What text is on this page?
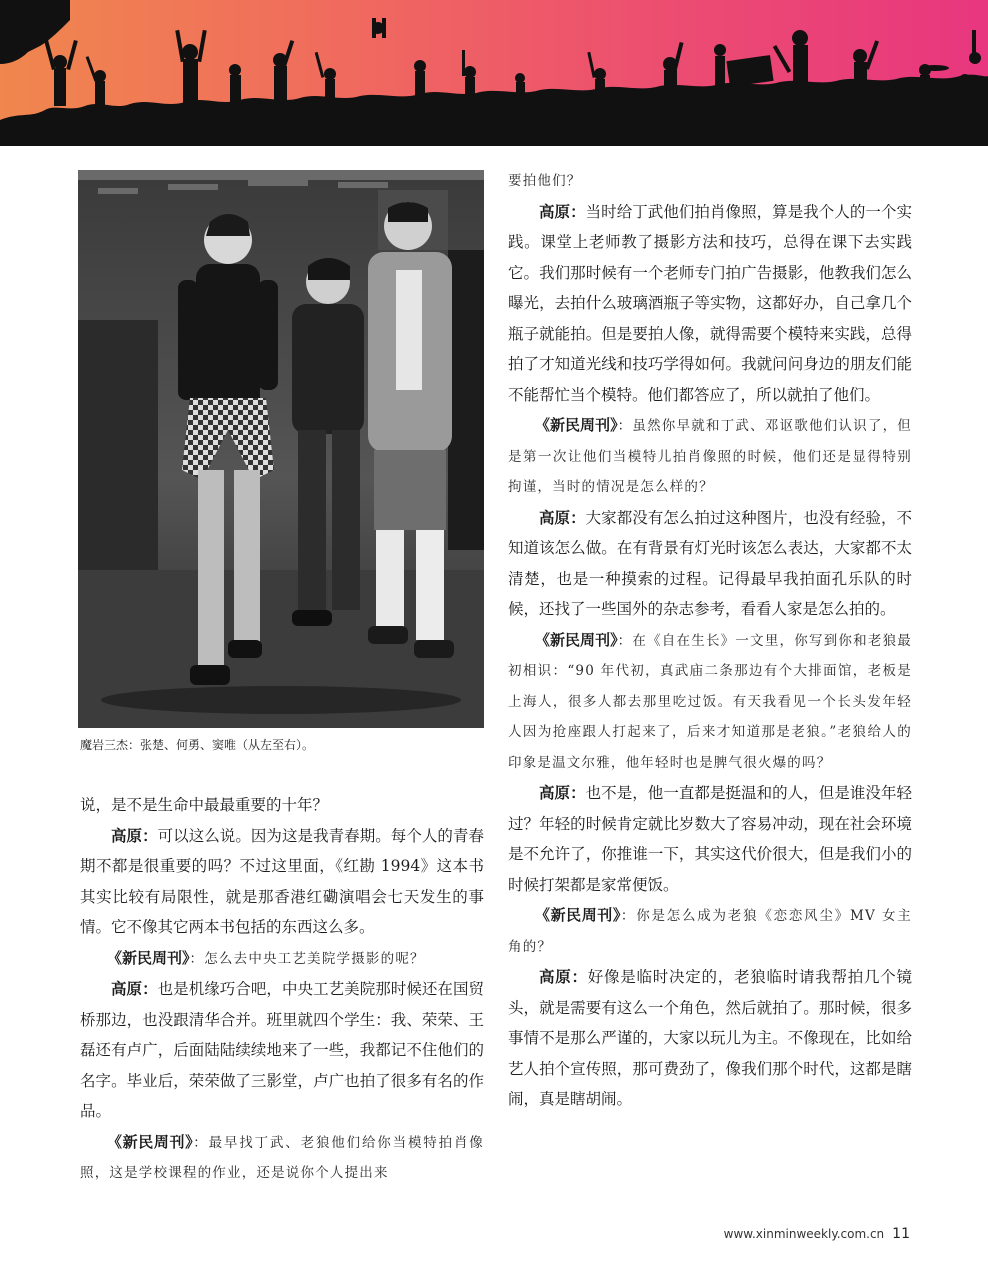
魔岩三杰：张楚、何勇、窦唯（从左至右）。

说，是不是生命中最最重要的十年？

高原：可以这么说。因为这是我青春期。每个人的青春期不都是很重要的吗？不过这里面，《红勘 1994》这本书其实比较有局限性，就是那香港红磡演唱会七天发生的事情。它不像其它两本书包括的东西这么多。

《新民周刊》：怎么去中央工艺美院学摄影的呢？

高原：也是机缘巧合吧，中央工艺美院那时候还在国贸桥那边，也没跟清华合并。班里就四个学生：我、荣荣、王磊还有卢广，后面陆陆续续地来了一些，我都记不住他们的名字。毕业后，荣荣做了三影堂，卢广也拍了很多有名的作品。

《新民周刊》：最早找丁武、老狼他们给你当模特拍肖像照，这是学校课程的作业，还是说你个人提出来

要拍他们？

高原：当时给丁武他们拍肖像照，算是我个人的一个实践。课堂上老师教了摄影方法和技巧，总得在课下去实践它。我们那时候有一个老师专门拍广告摄影，他教我们怎么曝光，去拍什么玻璃酒瓶子等实物，这都好办，自己拿几个瓶子就能拍。但是要拍人像，就得需要个模特来实践，总得拍了才知道光线和技巧学得如何。我就问问身边的朋友们能不能帮忙当个模特。他们都答应了，所以就拍了他们。

《新民周刊》：虽然你早就和丁武、邓讴歌他们认识了，但是第一次让他们当模特儿拍肖像照的时候，他们还是显得特别拘谨，当时的情况是怎么样的？

高原：大家都没有怎么拍过这种图片，也没有经验，不知道该怎么做。在有背景有灯光时该怎么表达，大家都不太清楚，也是一种摸索的过程。记得最早我拍面孔乐队的时候，还找了一些国外的杂志参考，看看人家是怎么拍的。

《新民周刊》：在《自在生长》一文里，你写到你和老狼最初相识：“90 年代初，真武庙二条那边有个大排面馆，老板是上海人，很多人都去那里吃过饭。有天我看见一个长头发年轻人因为抢座跟人打起来了，后来才知道那是老狼。”老狼给人的印象是温文尔雅，他年轻时也是脾气很火爆的吗？

高原：也不是，他一直都是挺温和的人，但是谁没年轻过？年轻的时候肯定就比岁数大了容易冲动，现在社会环境是不允许了，你推谁一下，其实这代价很大，但是我们小的时候打架都是家常便饭。

《新民周刊》：你是怎么成为老狼《恋恋风尘》MV 女主角的？

高原：好像是临时决定的，老狼临时请我帮拍几个镜头，就是需要有这么一个角色，然后就拍了。那时候，很多事情不是那么严谨的，大家以玩儿为主。不像现在，比如给艺人拍个宣传照，那可费劲了，像我们那个时代，这都是瞎闹，真是瞎胡闹。

www.xinminweekly.com.cn 11
